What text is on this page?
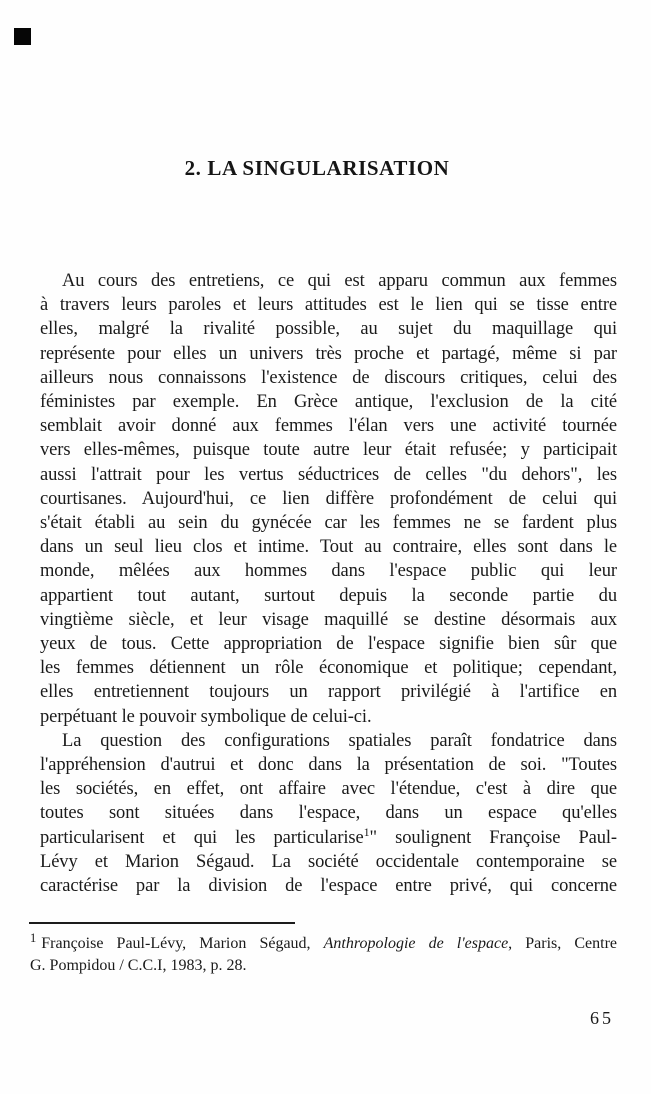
2. LA SINGULARISATION
Au cours des entretiens, ce qui est apparu commun aux femmes
à travers leurs paroles et leurs attitudes est le lien qui se tisse entre
elles, malgré la rivalité possible, au sujet du maquillage qui
représente pour elles un univers très proche et partagé, même si par
ailleurs nous connaissons l'existence de discours critiques, celui des
féministes par exemple. En Grèce antique, l'exclusion de la cité
semblait avoir donné aux femmes l'élan vers une activité tournée
vers elles-mêmes, puisque toute autre leur était refusée; y participait
aussi l'attrait pour les vertus séductrices de celles "du dehors", les
courtisanes. Aujourd'hui, ce lien diffère profondément de celui qui
s'était établi au sein du gynécée car les femmes ne se fardent plus
dans un seul lieu clos et intime. Tout au contraire, elles sont dans le
monde, mêlées aux hommes dans l'espace public qui leur
appartient tout autant, surtout depuis la seconde partie du
vingtième siècle, et leur visage maquillé se destine désormais aux
yeux de tous. Cette appropriation de l'espace signifie bien sûr que
les femmes détiennent un rôle économique et politique; cependant,
elles entretiennent toujours un rapport privilégié à l'artifice en
perpétuant le pouvoir symbolique de celui-ci.
La question des configurations spatiales paraît fondatrice dans
l'appréhension d'autrui et donc dans la présentation de soi. "Toutes
les sociétés, en effet, ont affaire avec l'étendue, c'est à dire que
toutes sont situées dans l'espace, dans un espace qu'elles
particularisent et qui les particularise$^1$" soulignent Françoise Paul-
Lévy et Marion Ségaud. La société occidentale contemporaine se
caractérise par la division de l'espace entre privé, qui concerne
$^1$ Françoise Paul-Lévy, Marion Ségaud, Anthropologie de l'espace, Paris, Centre
G. Pompidou / C.C.I, 1983, p. 28.
65
